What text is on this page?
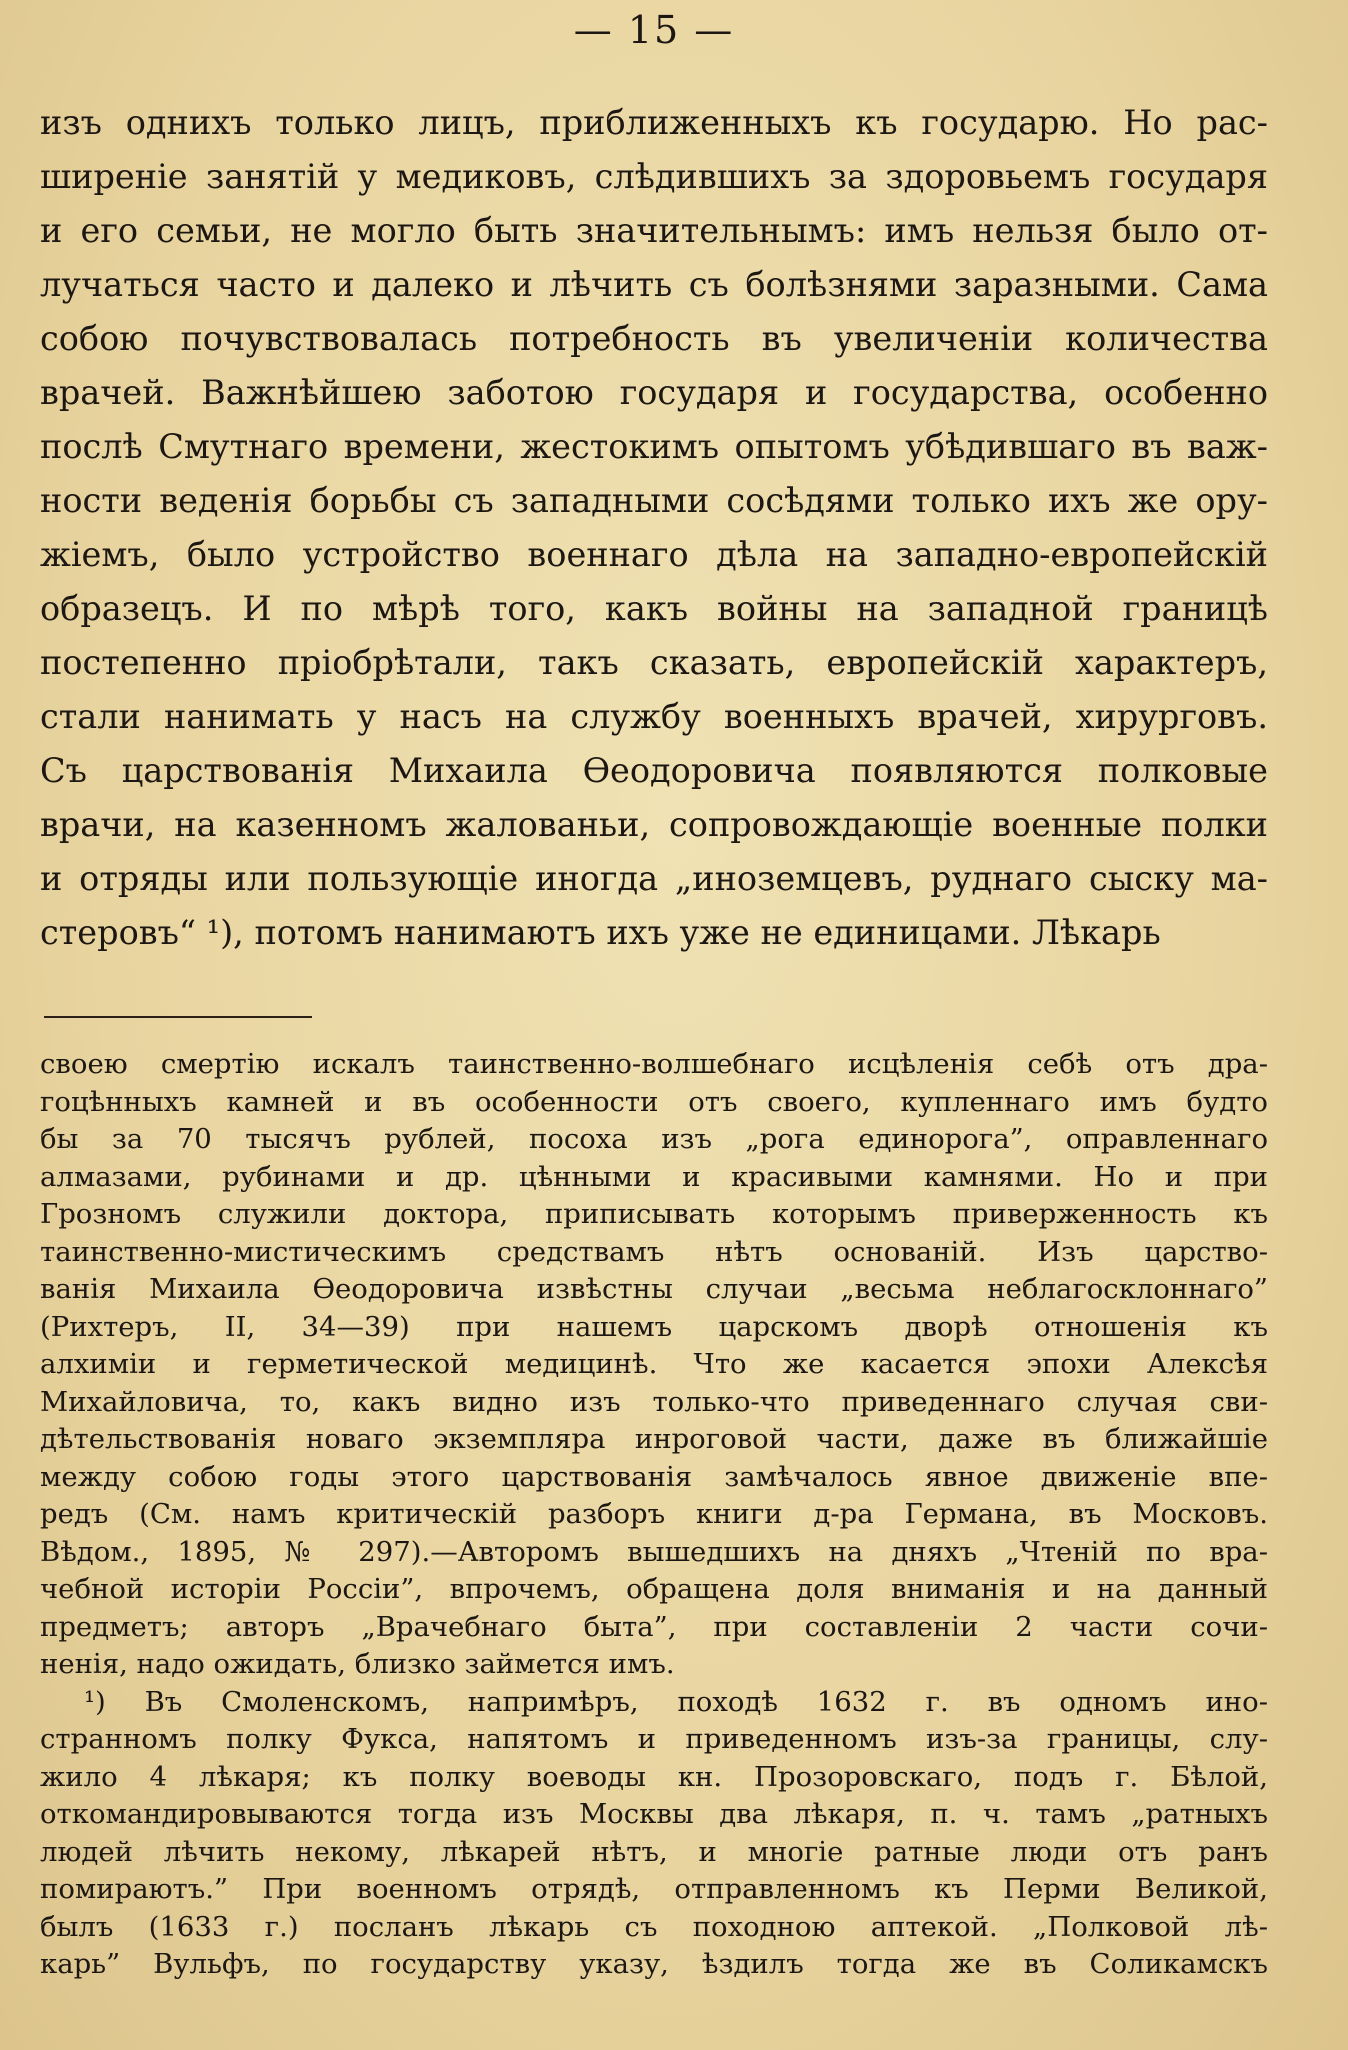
— 15 —
изъ однихъ только лицъ, приближенныхъ къ государю. Но рас-
ширеніе занятій у медиковъ, слѣдившихъ за здоровьемъ государя
и его семьи, не могло быть значительнымъ: имъ нельзя было от-
лучаться часто и далеко и лѣчить съ болѣзнями заразными. Сама
собою почувствовалась потребность въ увеличеніи количества
врачей. Важнѣйшею заботою государя и государства, особенно
послѣ Смутнаго времени, жестокимъ опытомъ убѣдившаго въ важ-
ности веденія борьбы съ западными сосѣдями только ихъ же ору-
жіемъ, было устройство военнаго дѣла на западно-европейскій
образецъ. И по мѣрѣ того, какъ войны на западной границѣ
постепенно пріобрѣтали, такъ сказать, европейскій характеръ,
стали нанимать у насъ на службу военныхъ врачей, хирурговъ.
Съ царствованія Михаила Ѳеодоровича появляются полковые
врачи, на казенномъ жалованьи, сопровождающіе военные полки
и отряды или пользующіе иногда „иноземцевъ, руднаго сыску ма-
стеровъ“ ¹), потомъ нанимаютъ ихъ уже не единицами. Лѣкарь
своею смертію искалъ таинственно-волшебнаго исцѣленія себѣ отъ дра-
гоцѣнныхъ камней и въ особенности отъ своего, купленнаго имъ будто
бы за 70 тысячъ рублей, посоха изъ „рога единорога”, оправленнаго
алмазами, рубинами и др. цѣнными и красивыми камнями. Но и при
Грозномъ служили доктора, приписывать которымъ приверженность къ
таинственно-мистическимъ средствамъ нѣтъ основаній. Изъ царство-
ванія Михаила Ѳеодоровича извѣстны случаи „весьма неблагосклоннаго”
(Рихтеръ, II, 34—39) при нашемъ царскомъ дворѣ отношенія къ
алхиміи и герметической медицинѣ. Что же касается эпохи Алексѣя
Михайловича, то, какъ видно изъ только-что приведеннаго случая сви-
дѣтельствованія новаго экземпляра инроговой части, даже въ ближайшіе
между собою годы этого царствованія замѣчалось явное движеніе впе-
редъ (См. намъ критическій разборъ книги д-ра Германа, въ Московъ.
Вѣдом., 1895, № 297).—Авторомъ вышедшихъ на дняхъ „Чтеній по вра-
чебной исторіи Россіи”, впрочемъ, обращена доля вниманія и на данный
предметъ; авторъ „Врачебнаго быта”, при составленіи 2 части сочи-
ненія, надо ожидать, близко займется имъ.
¹) Въ Смоленскомъ, напримѣръ, походѣ 1632 г. въ одномъ ино-
странномъ полку Фукса, напятомъ и приведенномъ изъ-за границы, слу-
жило 4 лѣкаря; къ полку воеводы кн. Прозоровскаго, подъ г. Бѣлой,
откомандировываются тогда изъ Москвы два лѣкаря, п. ч. тамъ „ратныхъ
людей лѣчить некому, лѣкарей нѣтъ, и многіе ратные люди отъ ранъ
помираютъ.” При военномъ отрядѣ, отправленномъ къ Перми Великой,
былъ (1633 г.) посланъ лѣкарь съ походною аптекой. „Полковой лѣ-
карь” Вульфъ, по государству указу, ѣздилъ тогда же въ Соликамскъ
